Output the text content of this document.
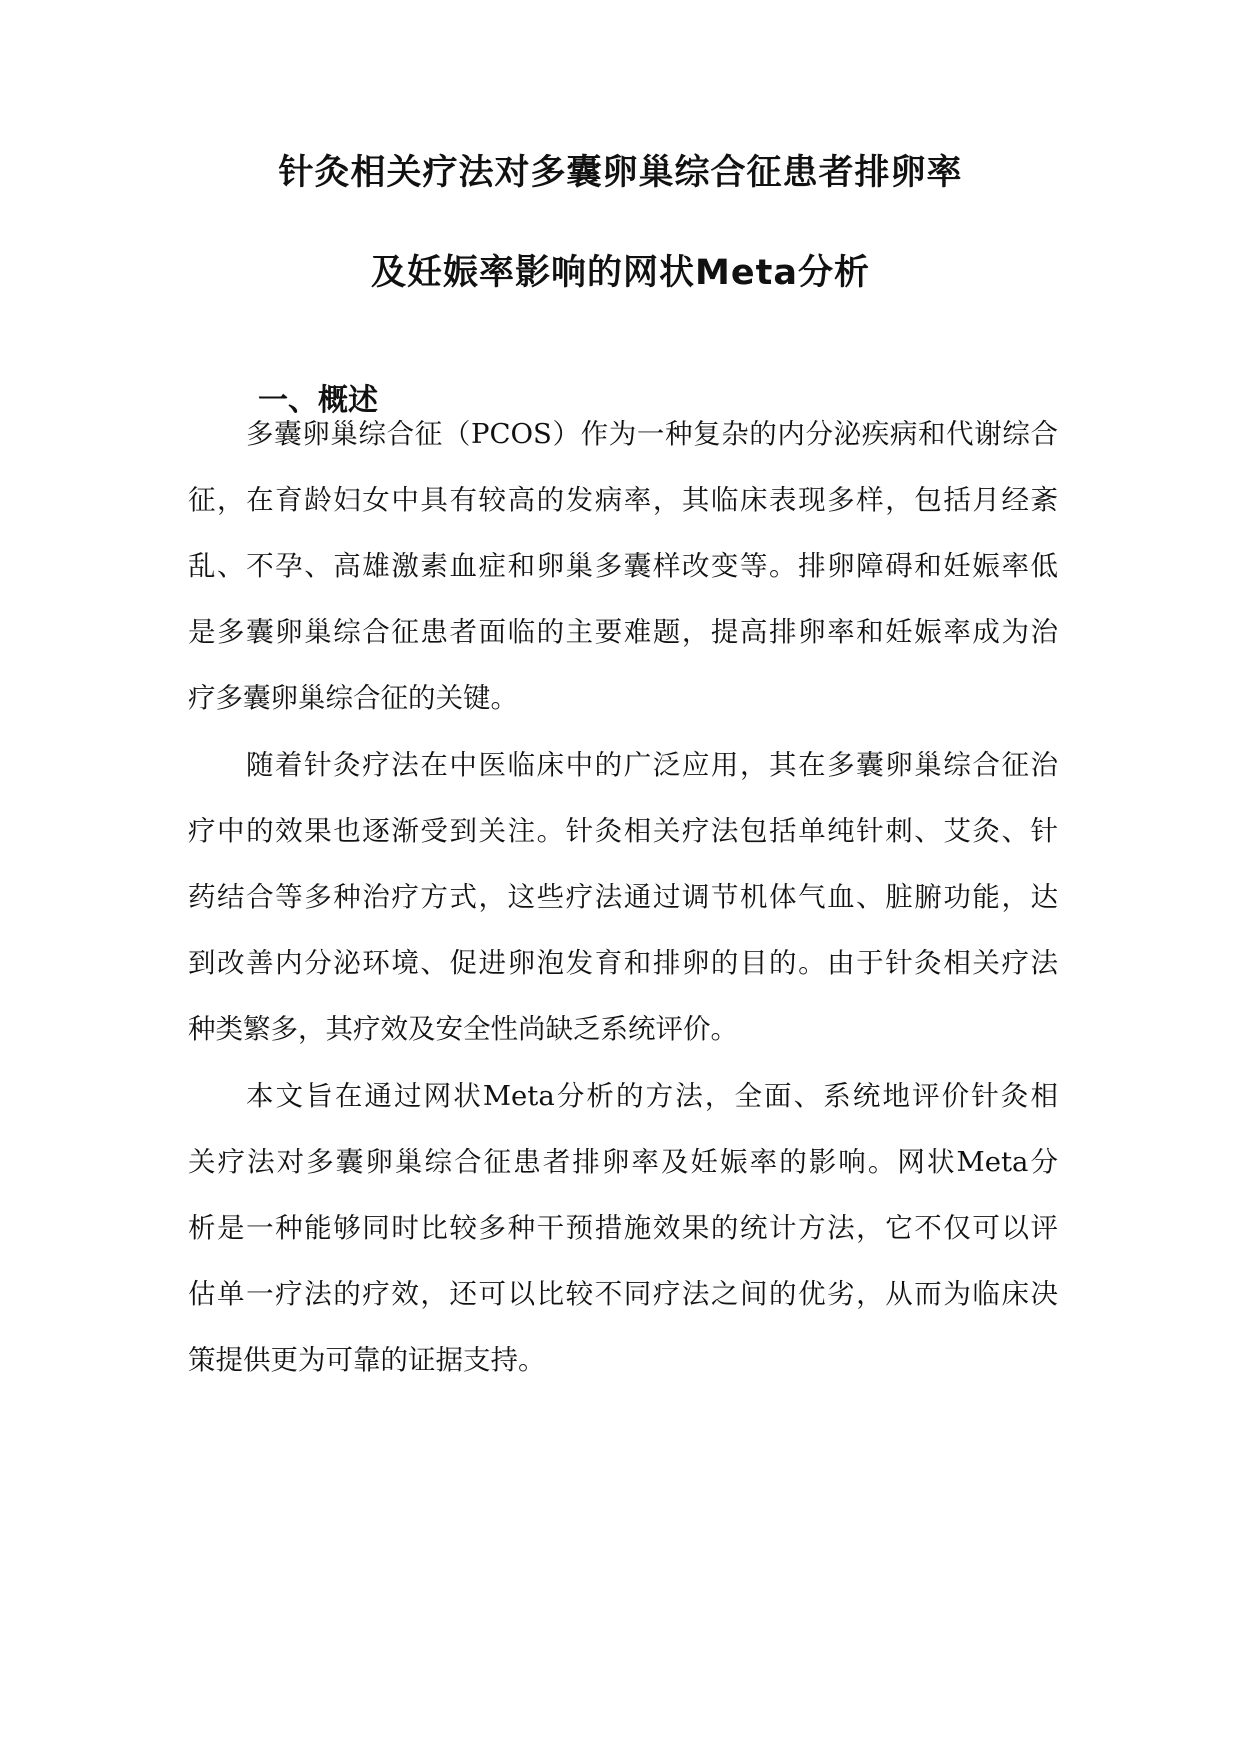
针灸相关疗法对多囊卵巢综合征患者排卵率
及妊娠率影响的网状Meta分析
一、概述
多囊卵巢综合征（PCOS）作为一种复杂的内分泌疾病和代谢综合
征，在育龄妇女中具有较高的发病率，其临床表现多样，包括月经紊
乱、不孕、高雄激素血症和卵巢多囊样改变等。排卵障碍和妊娠率低
是多囊卵巢综合征患者面临的主要难题，提高排卵率和妊娠率成为治
疗多囊卵巢综合征的关键。
随着针灸疗法在中医临床中的广泛应用，其在多囊卵巢综合征治
疗中的效果也逐渐受到关注。针灸相关疗法包括单纯针刺、艾灸、针
药结合等多种治疗方式，这些疗法通过调节机体气血、脏腑功能，达
到改善内分泌环境、促进卵泡发育和排卵的目的。由于针灸相关疗法
种类繁多，其疗效及安全性尚缺乏系统评价。
本文旨在通过网状Meta分析的方法，全面、系统地评价针灸相
关疗法对多囊卵巢综合征患者排卵率及妊娠率的影响。网状Meta分
析是一种能够同时比较多种干预措施效果的统计方法，它不仅可以评
估单一疗法的疗效，还可以比较不同疗法之间的优劣，从而为临床决
策提供更为可靠的证据支持。
